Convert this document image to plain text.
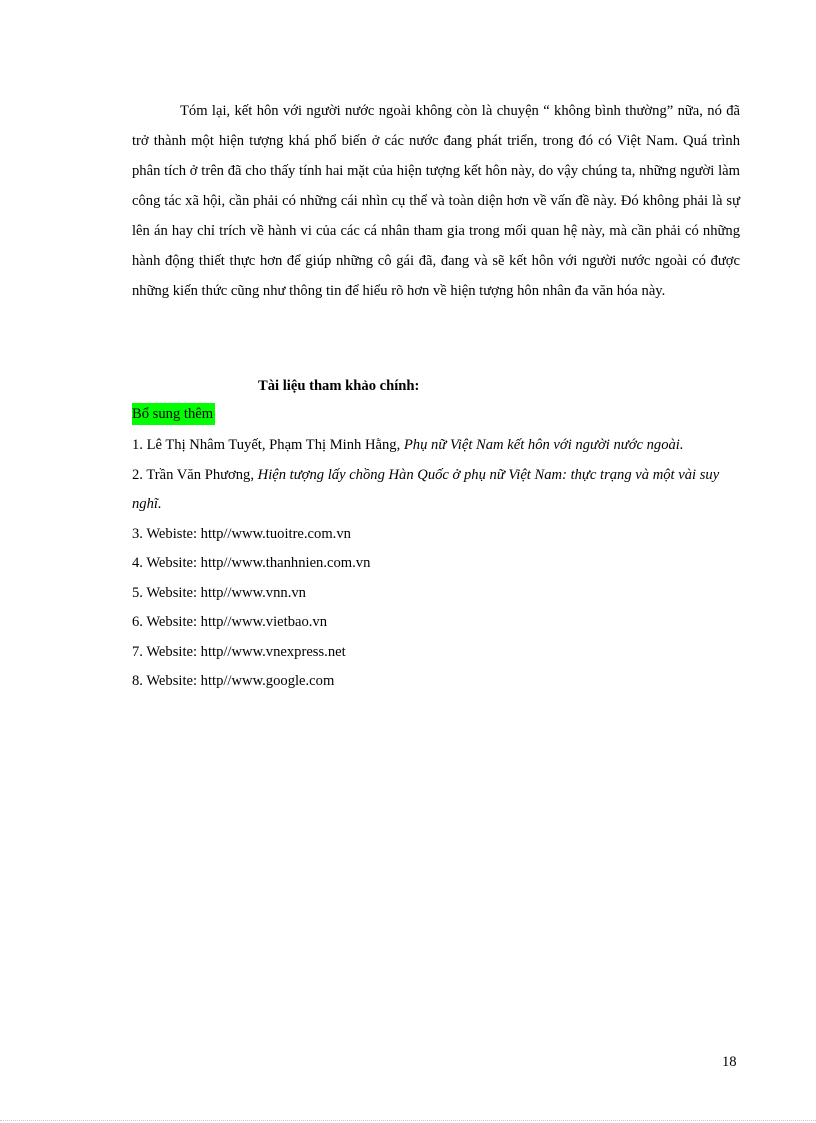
Tóm lại, kết hôn với người nước ngoài không còn là chuyện “ không bình thường” nữa, nó đã trở thành một hiện tượng khá phổ biến ở các nước đang phát triển, trong đó có Việt Nam. Quá trình phân tích ở trên đã cho thấy tính hai mặt của hiện tượng kết hôn này, do vậy chúng ta, những người làm công tác xã hội, cần phải có những cái nhìn cụ thể và toàn diện hơn về vấn đề này. Đó không phải là sự lên án hay chỉ trích về hành vi của các cá nhân tham gia trong mối quan hệ này, mà cần phải có những hành động thiết thực hơn để giúp những cô gái đã, đang và sẽ kết hôn với người nước ngoài có được những kiến thức cũng như thông tin để hiểu rõ hơn về hiện tượng hôn nhân đa văn hóa này.

Tài liệu tham khảo chính:

Bổ sung thêm
1. Lê Thị Nhâm Tuyết, Phạm Thị Minh Hằng, Phụ nữ Việt Nam kết hôn với người nước ngoài.
2. Trần Văn Phương, Hiện tượng lấy chồng Hàn Quốc ở phụ nữ Việt Nam: thực trạng và một vài suy nghĩ.
3. Webiste: http//www.tuoitre.com.vn
4. Website: http//www.thanhnien.com.vn
5. Website: http//www.vnn.vn
6. Website: http//www.vietbao.vn
7. Website: http//www.vnexpress.net
8. Website: http//www.google.com
18
